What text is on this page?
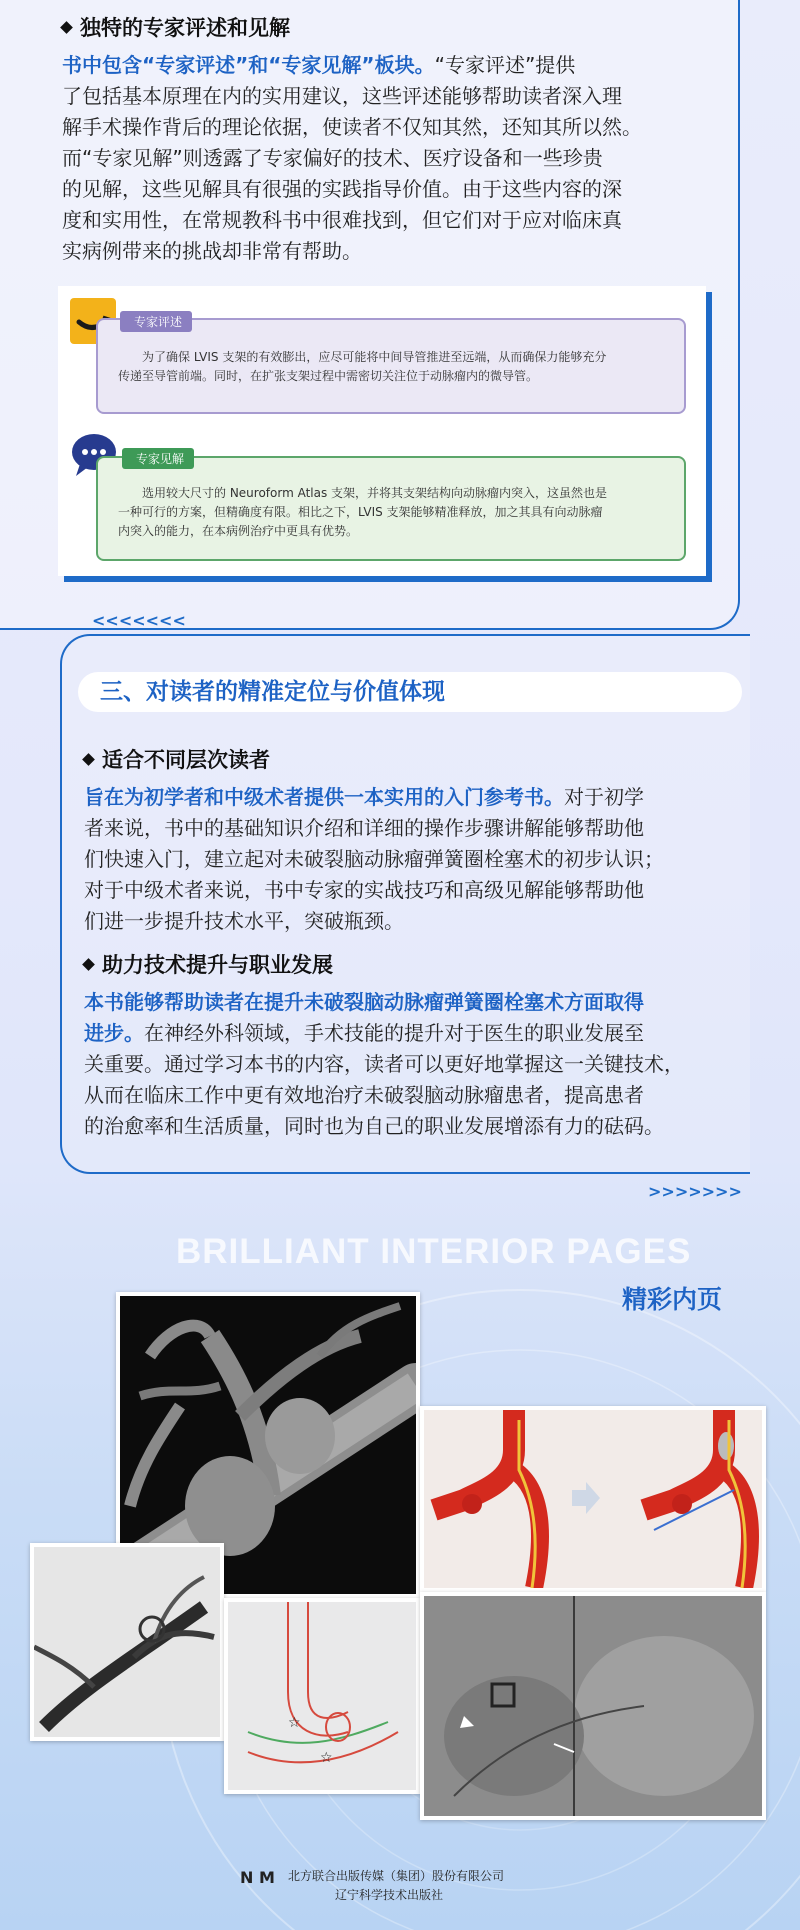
独特的专家评述和见解
书中包含“专家评述”和“专家见解”板块。“专家评述”提供
了包括基本原理在内的实用建议，这些评述能够帮助读者深入理
解手术操作背后的理论依据，使读者不仅知其然，还知其所以然。
而“专家见解”则透露了专家偏好的技术、医疗设备和一些珍贵
的见解，这些见解具有很强的实践指导价值。由于这些内容的深
度和实用性，在常规教科书中很难找到，但它们对于应对临床真
实病例带来的挑战却非常有帮助。
为了确保 LVIS 支架的有效膨出，应尽可能将中间导管推进至远端，从而确保力能够充分
传递至导管前端。同时，在扩张支架过程中需密切关注位于动脉瘤内的微导管。
专家评述
选用较大尺寸的 Neuroform Atlas 支架，并将其支架结构向动脉瘤内突入，这虽然也是
一种可行的方案，但精确度有限。相比之下，LVIS 支架能够精准释放，加之其具有向动脉瘤
内突入的能力，在本病例治疗中更具有优势。
专家见解
<<<<<<<
三、对读者的精准定位与价值体现
适合不同层次读者
旨在为初学者和中级术者提供一本实用的入门参考书。对于初学
者来说，书中的基础知识介绍和详细的操作步骤讲解能够帮助他
们快速入门，建立起对未破裂脑动脉瘤弹簧圈栓塞术的初步认识；
对于中级术者来说，书中专家的实战技巧和高级见解能够帮助他
们进一步提升技术水平，突破瓶颈。
助力技术提升与职业发展
本书能够帮助读者在提升未破裂脑动脉瘤弹簧圈栓塞术方面取得
进步。在神经外科领域，手术技能的提升对于医生的职业发展至
关重要。通过学习本书的内容，读者可以更好地掌握这一关键技术，
从而在临床工作中更有效地治疗未破裂脑动脉瘤患者，提高患者
的治愈率和生活质量，同时也为自己的职业发展增添有力的砝码。
>>>>>>>
BRILLIANT INTERIOR PAGES
精彩内页
☆
☆
N M 北方联合出版传媒（集团）股份有限公司
辽宁科学技术出版社
